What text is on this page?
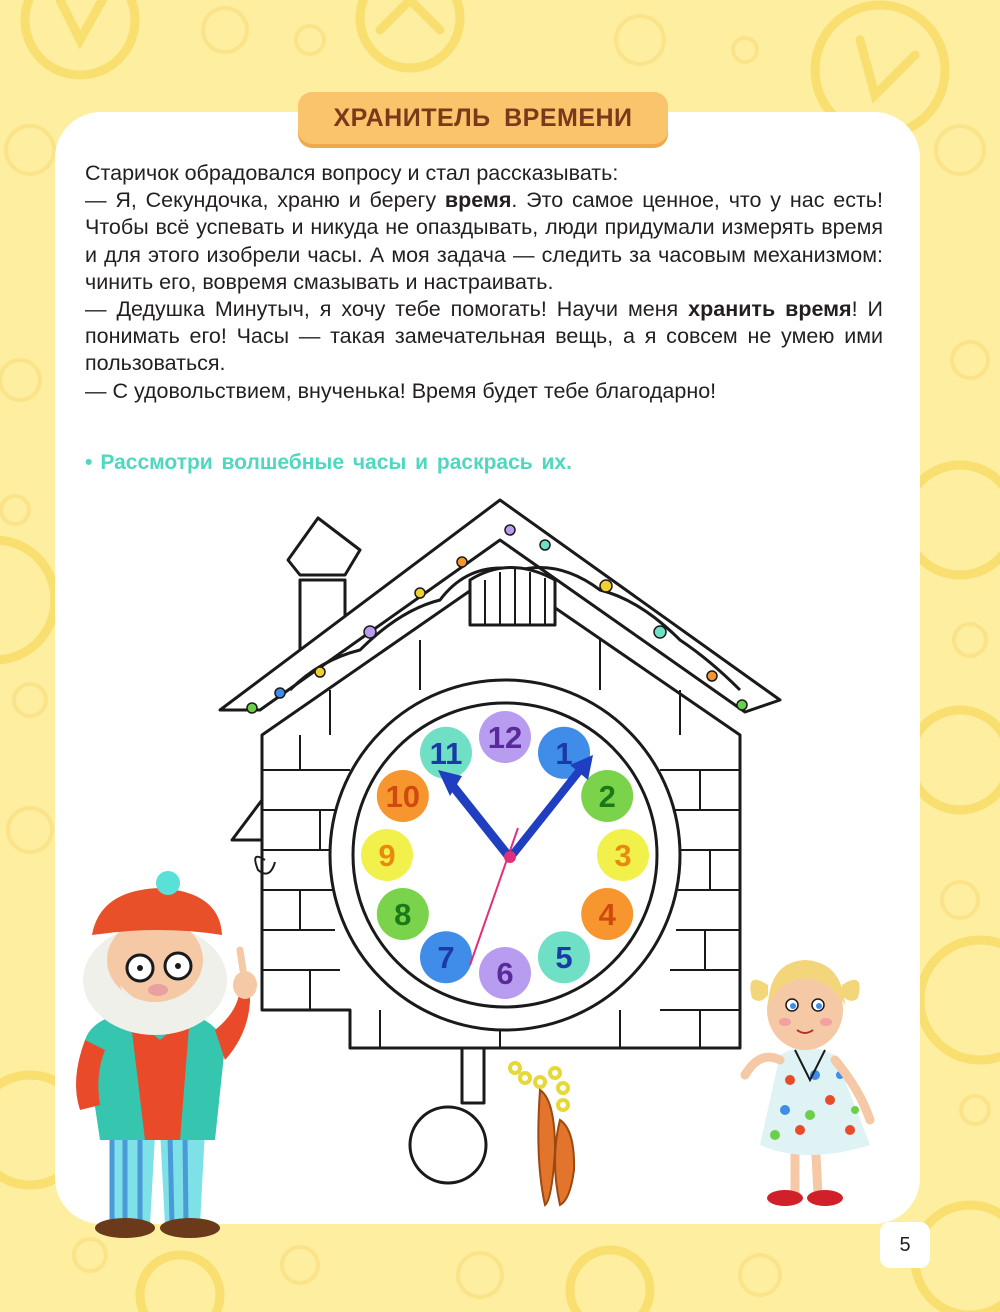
ХРАНИТЕЛЬ ВРЕМЕНИ

Старичок обрадовался вопросу и стал рассказывать:

— Я, Секундочка, храню и берегу время. Это самое ценное, что у нас есть! Чтобы всё успевать и никуда не опаздывать, люди придумали измерять время и для этого изобрели часы. А моя задача — следить за часовым механизмом: чинить его, вовремя смазывать и настраивать.

— Дедушка Минутыч, я хочу тебе помогать! Научи меня хранить время! И понимать его! Часы — такая замечательная вещь, а я совсем не умею ими пользоваться.

— С удовольствием, внученька! Время будет тебе благодарно!

• Рассмотри волшебные часы и раскрась их.
12 1
2
3
4
5
6
7
8
9
10
11
5
